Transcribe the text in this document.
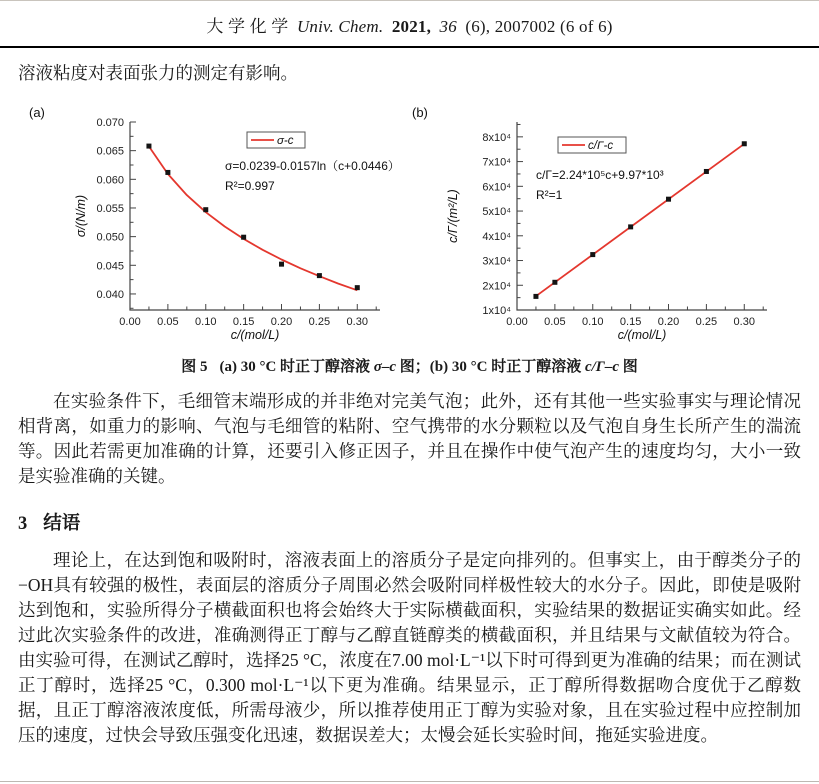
大 学 化 学 Univ. Chem. 2021, 36 (6), 2007002 (6 of 6)

溶液粘度对表面张力的测定有影响。

0.00 0.05 0.10 0.15 0.20 0.25 0.30
0.040
0.045
0.050
0.055
0.060
0.065
0.070
σ-c
σ=0.0239-0.0157ln（c+0.0446）
R²=0.997
c/(mol/L)
σ/(N/m)
(a)
0.00 0.05 0.10 0.15 0.20 0.25 0.30
1x10⁴
2x10⁴
3x10⁴
4x10⁴
5x10⁴
6x10⁴
7x10⁴
8x10⁴
c/Γ-c
c/Γ=2.24*10⁵c+9.97*10³
R²=1
c/(mol/L)
c/Γ/(m²/L)
(b)

图 5 (a) 30 °C 时正丁醇溶液 σ–c 图；(b) 30 °C 时正丁醇溶液 c/Γ–c 图

在实验条件下，毛细管末端形成的并非绝对完美气泡；此外，还有其他一些实验事实与理论情况相背离，如重力的影响、气泡与毛细管的粘附、空气携带的水分颗粒以及气泡自身生长所产生的湍流等。因此若需更加准确的计算，还要引入修正因子，并且在操作中使气泡产生的速度均匀，大小一致是实验准确的关键。

3 结语

理论上，在达到饱和吸附时，溶液表面上的溶质分子是定向排列的。但事实上，由于醇类分子的−OH具有较强的极性，表面层的溶质分子周围必然会吸附同样极性较大的水分子。因此，即使是吸附达到饱和，实验所得分子横截面积也将会始终大于实际横截面积，实验结果的数据证实确实如此。经过此次实验条件的改进，准确测得正丁醇与乙醇直链醇类的横截面积，并且结果与文献值较为符合。由实验可得，在测试乙醇时，选择25 °C，浓度在7.00 mol·L⁻¹以下时可得到更为准确的结果；而在测试正丁醇时，选择25 °C，0.300 mol·L⁻¹以下更为准确。结果显示，正丁醇所得数据吻合度优于乙醇数据，且正丁醇溶液浓度低，所需母液少，所以推荐使用正丁醇为实验对象，且在实验过程中应控制加压的速度，过快会导致压强变化迅速，数据误差大；太慢会延长实验时间，拖延实验进度。
